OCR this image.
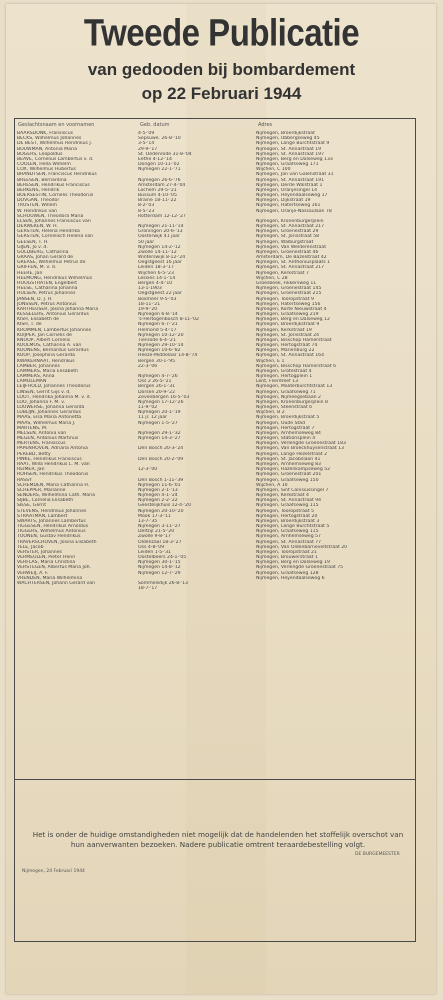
Tweede Publicatie
van gedooden bij bombardement
op 22 Februari 1944
Geslachtsnaam en voornamen	Geb. datum	Adres
BAARSDONK, Fransiscus
BECKS, Wilhelmus Johannes
DE BEST, Wilhelmus Hendrikus J.
BOUWMAN, Antonia Maria
BOGERS, Leopoldus
BEAVE, Cornelius Lambertus v. d.
COOLEN, Hella Wilhelm
COX, Wilhelmus Hubertus
BRANDTSEN, Franciscus Hendrikus
BREESEN, Bernardina
BERESEN, Hendrikus Franciscus
BERKENS, Hendrik
BOERSESTIN, Cornelis Theodorus
DOVGAN, Theodor
TRUSTEN, Willem
W. Hendrikus van
SCHOUWEN, Theodora Maria
ELSEN, Johannes Fransiscus van
DERWEKEN, W. H.
GERSTEN, Helena Hendrika
GERSTEN, Cornelisch Helena van
GEESEN, T. H.
GIJEN, Jo v. d.
GOLDBERG, Catharina
GRAAS, Johan Gerard de
GREASE, Wilhelmus Petrus de
GRIFFEN, M. v. d.
HEERE, Jan
HEEMONG, Hendrikus Wilhelmus
HOOGSTRATEN, Engelbert
HEESE, Catharina Johanna
HULSEN, Petrus Johannes
JANSEN, D. J. H.
JONSSEN, Petrus Antonius
KARTHEUSER, Josina Johanna Maria
KESSELERS, Antonius Gerardus
KISH, Elisabeth de
KISH, T. de
KROMMEN, Lambertus Johannes
KUIJPER, Jan Cornelis de
KNOOP, Albert Cornelis
KOOLMOS, Catharina A. van
KOONENS, Bernardus Gerardus
KOOP, Josephina Gerarda
KWAKERNAAT, Hendrikus
LAMBER, Johannes
LAMMERS, Maria Elisabeth
LAMMERS, Anna
LAMOLEMAN
LEIJFHOLD, Johannes Theodorus
LINSEN, Gerrit Gijs v. d.
LOOT, Hendrika Johanna M. v. d.
LOO, Johanna F. M. v.
LOUWERSE, Johanna Gerarda
LUBLIJN, Johannes Gerardus
MAAS, Elsa Maria Antonetta
MAAS, Wilhelmus Maria J.
MARTENS, M.
MELSEN, Antonia van
MEGEN, Antonius Martinus
MERTENS, Fransiscus
PAPENHOVEN, Adriana Antonia
PEREBD, Betty
PINKE, Hendrikus Fransiscus
RAAT, Willa Hendrikus L. M. van
REIMER, Jan
ROHSEN, Hendrikus Theodorus
RASSY
SCHEMDEN, Maria Catharina H.
SCHEPPER, Marianne
SENDERS, Wilhelmina Cath. Maria
SIJBE, Cornelia Elisabeth
SIESE, Gerrit
STEVENS, Hendrikus Johannes
STRAATMAN, Lambert
SWARTS, Johannes Lambertus
TIGGESEN, Hendrikus Arnoldus
TIGGERS, Wilhelmus Antonius
TOONEN, Gustav Hendrikus
TRAVERSCHOVEN, Josina Elisabeth
TELE, Jacob
VERSTER, Johannes
VERMEULEN, Pieter Henri
VERFLAS, Maria Christina
VERSTEGEN, Albertus Maria Joh.
VERWEIJ, A. F.
VRENDEN, Maria Wilhelmina
WACHTERSEN, Johann Gerard van
4-5-'09
Sepsuwe. 26-8-'10
3-5-'14
29-9-'17
St. Oedenrode 31-8-'04
Eethe 4-12-'14
Dongen 10-11-'02
Nijmegen 22-1-'71
Nijmegen 26-6-'76
Amsterdam 27-4-'04
Lochem 29-5-'21
Bussum 4-10-'05
Braine 18-11-'22
8-2-'03
8-5-'23
Rotterdam 12-12-'27
Nijmegen 21-11-'14
Groningen 20-6-'13
Oosterwijk 41 jaar
50 jaar
Nijmegen 14-2-'12
Zwolle 14-11-'12
Winterswijk 8-12-'24
Oegstgeest 16 jaar
Leiden 18-3-'17
Wijchen 6-5-'23
Lessies 14-1-'14
Bergen 4-4-'10
13-1-1903
Oegstgeest 22 jaar
Boxmeer 9-5-'03
18-11-'21
19-9-'20
Nijmegen 6-8-'14
's-Hertogenbosch 8-11-'02
Nijmegen 6-7-'21
Helmond 5-4-'17
Nijmegen 10-12-'20
Tienrode 6-4-'21
Nijmegen 29-10-'14
Nijmegen 10-6-'82
Heeze-Middelaar 14-8-'74
Bergen 30-1-'95
22-3-'06
Nijmegen 4-7-'26
Oss 2 26-5-'21
Bergen 26-1-'31
Dorsen 20-9-'22
Zevenbergen 16-5-'03
Nijmegen 17-12-'26
11-9-'02
Nijmegen 20-1-'19
11 jr. 12 jaar
Nijmegen 1-5-'27
Nijmegen 29-1-'32
Nijmegen 14-3-'27
Den Bosch 20-3-'24
Den Bosch 20-2-'09
12-3-'00
Den Bosch 1-11-'39
Nijmegen 11-6-'01
Nijmegen 2-1-'13
Nijmegen 4-1-'24
Nijmegen 2-2-'22
Geestelijkhuis 12-4-'20
Nijmegen 20-10-'20
Mook 17-3-'11
13-7-'35
Nijmegen 3-11-'27
Delfzijl 21-5-'20
Zwolle 9-8-'17
Oldenzaal 18-3-'27
Oss 4-8-'09
Leiden 1-5-'31
Oostelbeers 24-1-'05
Nijmegen 30-1-'15
Nijmegen 14-8-'12
Nijmegen 12-7-'29
Sommelsdijk 26-8-'13
18-7-'17
Nijmegen, Broerdijkstraat
Nijmegen, Ubbergseweg 45
Nijmegen, Lange Burchtstraat 9
Nijmegen, St. Annastraat 19
Nijmegen, St. Annastraat 197
Nijmegen, Berg en Dalseweg 133
Nijmegen, Graafseweg 171
Wijchen, C 100
Nijmegen, Jan van Galenstraat 31
Nijmegen, St. Annastraat 191
Nijmegen, Derde Walstraat 1
Nijmegen, Oranjesingel 14
Nijmegen, Heyendaalseweg 17
Nijmegen, Dijkstraat 19
Nijmegen, Hatertseweg 161
Nijmegen, Oranje-Nassaulaan 78
Nijmegen, Kronenburgerplein
Nijmegen, St. Annastraat 217
Nijmegen, Groenestraat 29
Nijmegen, St. Jorisstraat 58
Nijmegen, Walburgstraat
Nijmegen, Van Welderenstraat
Nijmegen, Groenestraat 46
Amsterdam, De Bazelstraat 42
Nijmegen, St. Anthoniusplaats 1
Nijmegen, St. Annastraat 217
Nijmegen, Kerkstraat 7
Wijchen, C 28
Groesbeek, Fikkersweg 11
Nijmegen, Groenestraat 145
Nijmegen, Groenestraat 215
Nijmegen, Tooropstraat 9
Nijmegen, Hatertseweg 156
Nijmegen, Korte Nieuwstraat 4
Nijmegen, Graafseweg 219
Nijmegen, Berg en Dalseweg 12
Nijmegen, Broerdijkstraat 9
Nijmegen, Kerkstraat 19
Nijmegen, St. Jorisstraat 24
Nijmegen, Bisschop Hamerstraat
Nijmegen, Hertogstraat 74
Nijmegen, Mariënburg 22
Nijmegen, St. Annastraat 164
Wijchen, E 1
Nijmegen, Bisschop Hamerstraat 6
Nijmegen, Grotestraat 4
Nijmegen, Hertogplein 1
Lent, Flierdreef 13
Nijmegen, Malderburchtstraat 13
Nijmegen, Graafseweg 71
Nijmegen, Nijmeegsebaan 2
Nijmegen, Kronenburgerplein 8
Nijmegen, Steenstraat 6
Wijchen, B 2
Nijmegen, Broerdijkstraat 5
Nijmegen, Oude Stad
Nijmegen, Hertogstraat 7
Nijmegen, Arnhemseweg 84
Nijmegen, Stationsplein 4
Nijmegen, Verlengde Groenestraat 183
Nijmegen, Van Broeckhuysenstraat 13
Nijmegen, Lange Hezelstraat 2
Nijmegen, St. Jacobslaan 41
Nijmegen, Arnhemseweg 83
Nijmegen, Hazenkampseweg 52
Nijmegen, Groenestraat 201
Nijmegen, Graafseweg 150
Wijchen, A 10
Nijmegen, Sint Canisiussingel 7
Nijmegen, Kerkstraat 4
Nijmegen, St. Annastraat 94
Nijmegen, Graafseweg 115
Nijmegen, Tooropstraat 5
Nijmegen, Hertogstraat 20
Nijmegen, Broerdijkstraat 3
Nijmegen, Lange Burchtstraat 5
Nijmegen, Graafseweg 115
Nijmegen, Arnhemseweg 57
Nijmegen, St. Annastraat 77
Nijmegen, Van Oldenbarneveltstraat 20
Nijmegen, Tooropstraat 21
Nijmegen, Brouwerstraat 1
Nijmegen, Berg en Dalseweg 19
Nijmegen, Verlengde Groenestraat 75
Nijmegen, Graafseweg 128
Nijmegen, Heyendaalseweg 6
Het is onder de huidige omstandigheden niet mogelijk dat de handelenden het stoffelijk overschot van hun aanverwanten bezoeken. Nadere publicatie omtrent teraardebestelling volgt.
Nijmegen, 24 Februari 1944
DE BURGEMEESTER
